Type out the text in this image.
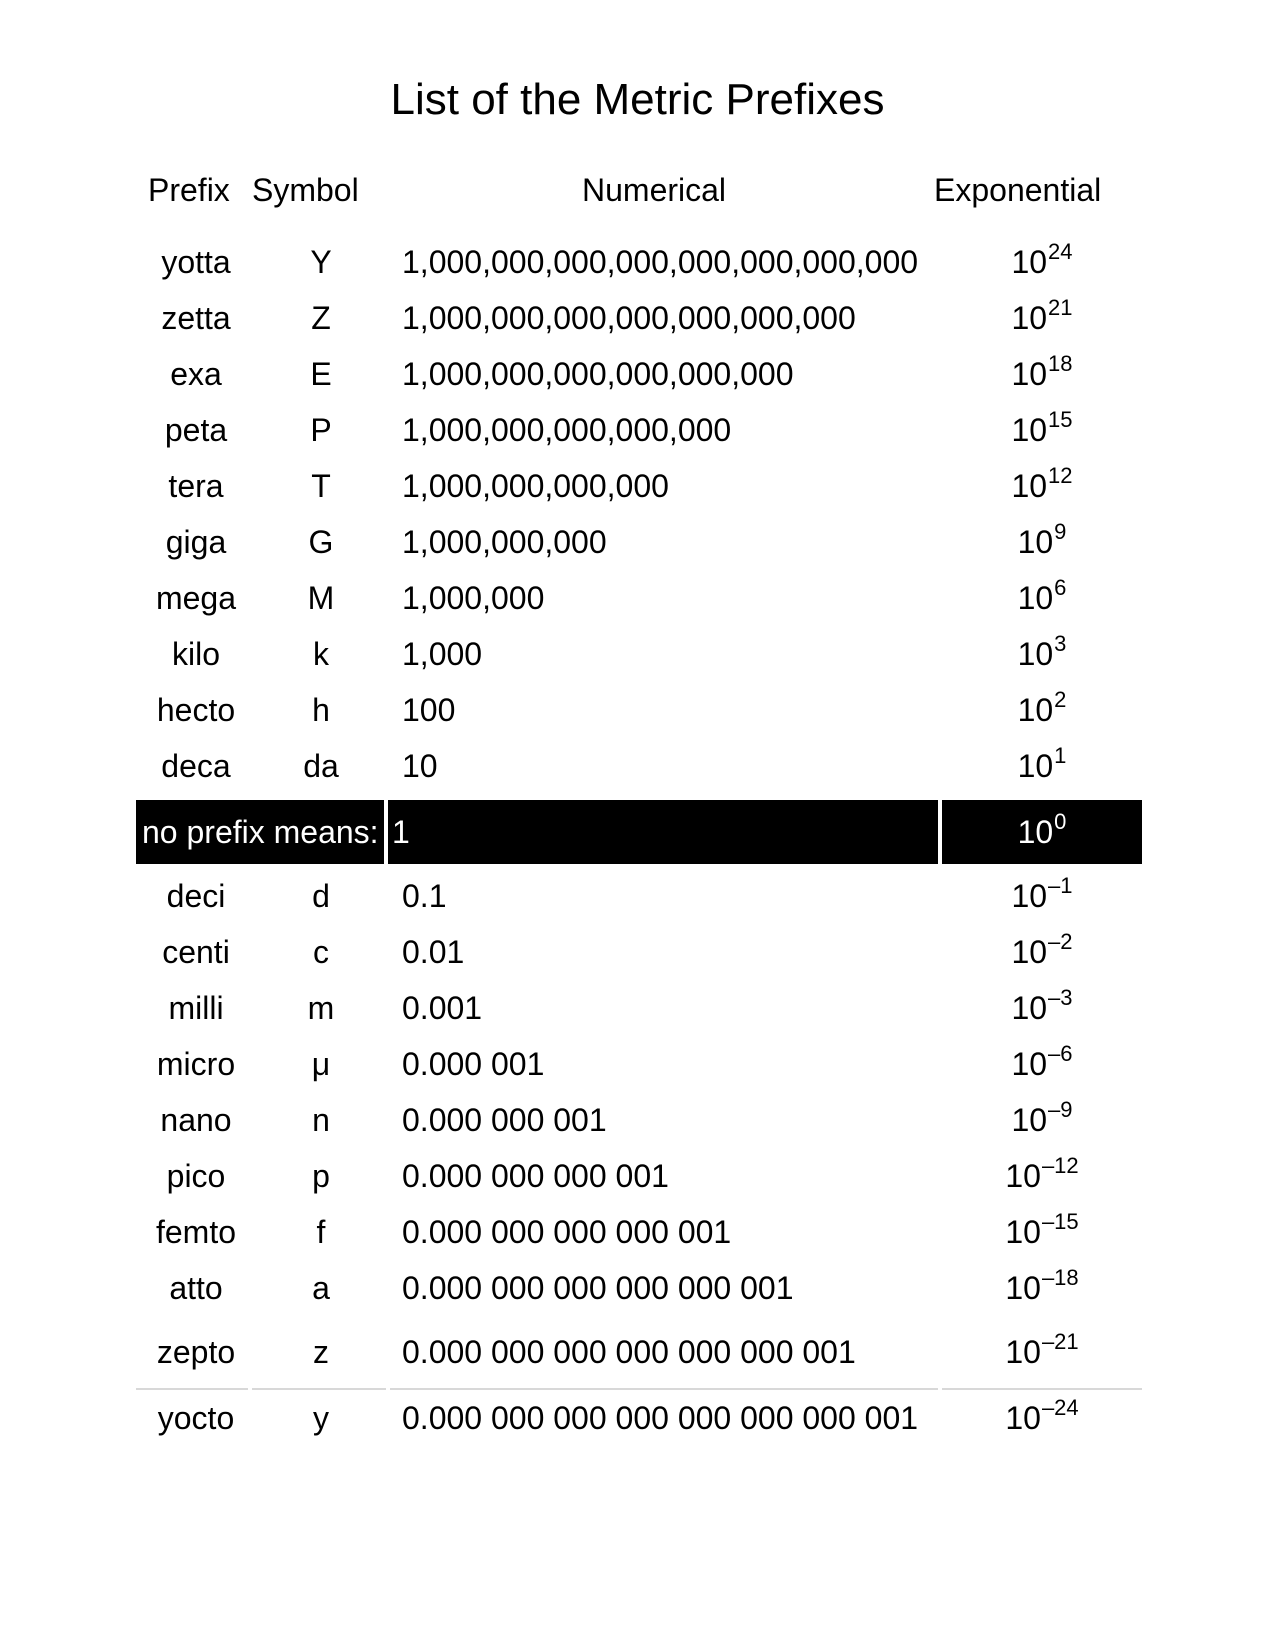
List of the Metric Prefixes
Prefix Symbol	Numerical	Exponential
yotta	Y	1,000,000,000,000,000,000,000,000	$10^{24}$
zetta	Z	1,000,000,000,000,000,000,000	$10^{21}$
exa	E	1,000,000,000,000,000,000	$10^{18}$
peta	P	1,000,000,000,000,000	$10^{15}$
tera	T	1,000,000,000,000	$10^{12}$
giga	G	1,000,000,000	$10^9$
mega	M	1,000,000	$10^6$
kilo	k	1,000	$10^3$
hecto	h	100	$10^2$
deca	da	10	$10^1$
no prefix means: 1	$10^0$
deci	d	0.1	$10^{-1}$
centi	c	0.01	$10^{-2}$
milli	m	0.001	$10^{-3}$
micro	μ	0.000 001	$10^{-6}$
nano	n	0.000 000 001	$10^{-9}$
pico	p	0.000 000 000 001	$10^{-12}$
femto	f	0.000 000 000 000 001	$10^{-15}$
atto	a	0.000 000 000 000 000 001	$10^{-18}$
zepto	z	0.000 000 000 000 000 000 001	$10^{-21}$
yocto	y	0.000 000 000 000 000 000 000 001	$10^{-24}$
